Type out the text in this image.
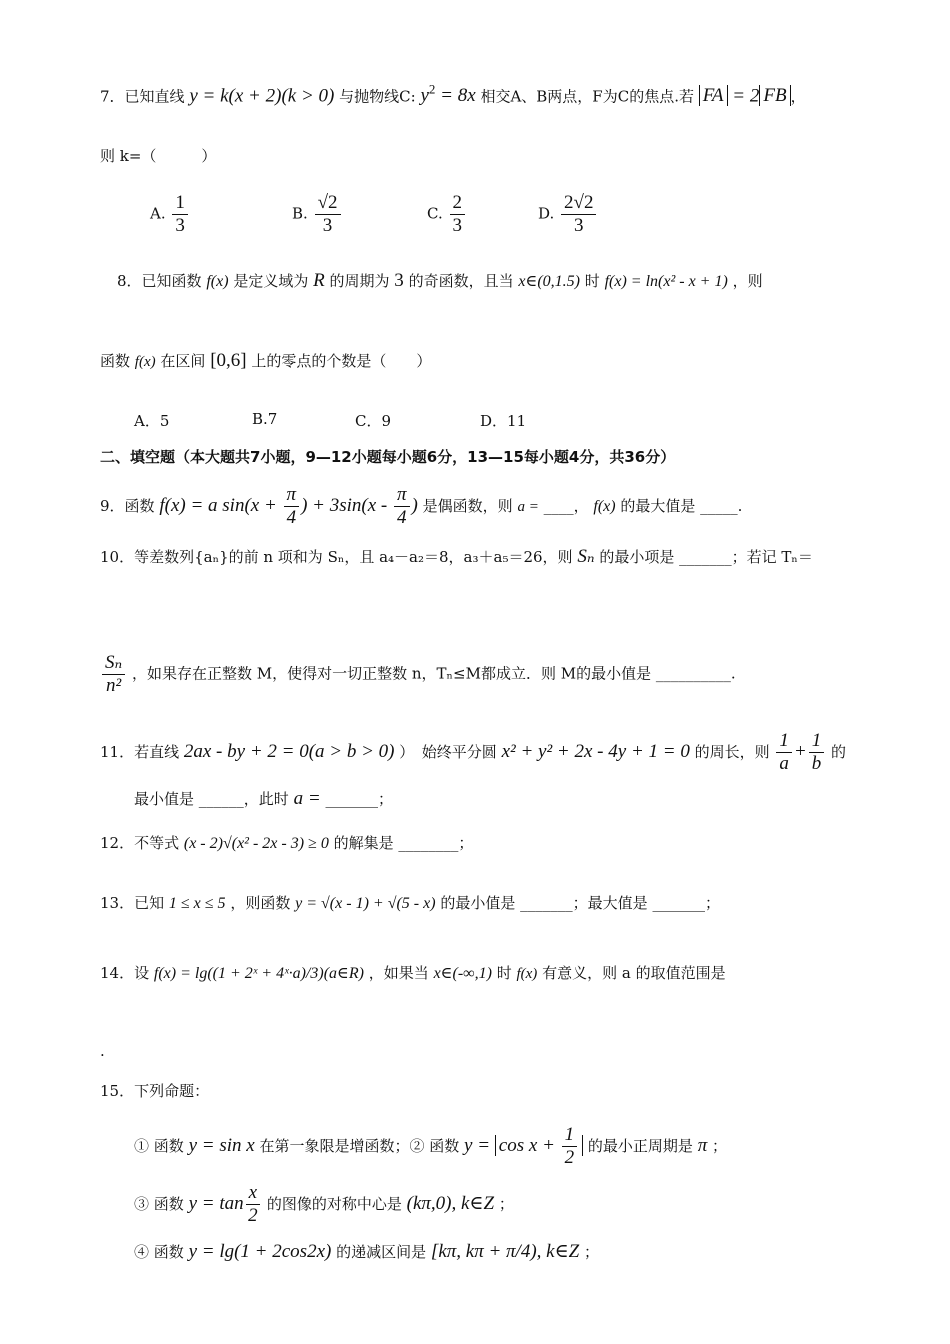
7．已知直线 y = k(x + 2)(k > 0) 与抛物线C: $y^2 = 8x$ 相交A、B两点，F为C的焦点.若 FA = 2 FB ，
则 k=（　　　）
A. $\frac{1}{3}$	B. $\frac{√2}{3}$	C. $\frac{2}{3}$	D. $\frac{2√2}{3}$
8．已知函数 f(x) 是定义域为 R 的周期为 3 的奇函数，且当 x∈(0,1.5) 时 f(x) = ln(x² - x + 1) ，则
函数 f(x) 在区间 [0,6] 上的零点的个数是（　　）
A．5	B.7	C．9	D．11
二、填空题（本大题共7小题，9—12小题每小题6分，13—15每小题4分，共36分）
9．函数 f(x) = a $\sin(x + \frac{\pi}{4}$ ) + $3\sin(x - \frac{\pi}{4}$ ) 是偶函数，则 a = ____， f(x) 的最大值是 _____.
10．等差数列{aₙ}的前 n 项和为 Sₙ，且 a₄－a₂＝8，a₃＋a₅＝26，则 Sₙ 的最小项是 _______；若记 Tₙ＝
$\frac{\text{Sₙ}}{\text{n²}}$ ，如果存在正整数 M，使得对一切正整数 n，Tₙ≤M都成立．则 M的最小值是 __________.
11．若直线 2ax - by + 2 = 0(a > b > 0) ）　始终平分圆 x² + y² + 2x - 4y + 1 = 0 的周长，则 $\frac{1}{a} + \frac{1}{b}$ 的
最小值是 ______，此时 a = _______；
12．不等式 (x - 2)√(x² - 2x - 3) ≥ 0 的解集是 ________；
13．已知 1 ≤ x ≤ 5 ，则函数 y = √(x - 1) + √(5 - x) 的最小值是 _______；最大值是 _______；
14．设 f(x) = lg((1 + 2ˣ + 4ˣ·a)/3)(a∈R) ，如果当 x∈(-∞,1) 时 f(x) 有意义，则 a 的取值范围是
.
15．下列命题：
① 函数 y = sin x 在第一象限是增函数；② 函数 $y = \cos x + \frac{1}{2}$ 的最小正周期是 π ；
③ 函数 $y = \tan \frac{x}{2}$ 的图像的对称中心是 (kπ,0), k∈Z ；
④ 函数 y = lg(1 + 2cos2x) 的递减区间是 [kπ, kπ + π/4), k∈Z ；
